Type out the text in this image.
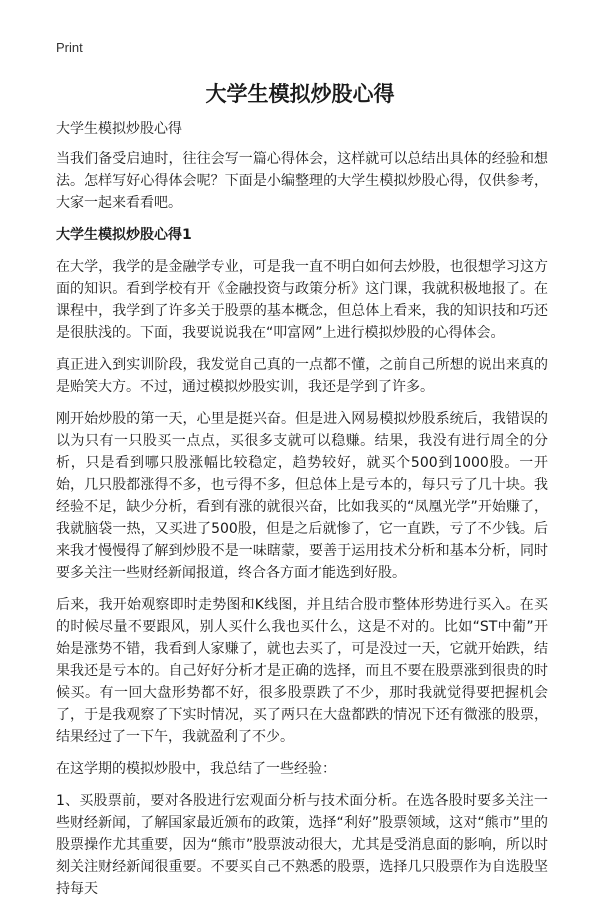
Print
大学生模拟炒股心得

大学生模拟炒股心得

当我们备受启迪时，往往会写一篇心得体会，这样就可以总结出具体的经验和想法。怎样写好心得体会呢？下面是小编整理的大学生模拟炒股心得，仅供参考，大家一起来看看吧。

大学生模拟炒股心得1

在大学，我学的是金融学专业，可是我一直不明白如何去炒股，也很想学习这方面的知识。看到学校有开《金融投资与政策分析》这门课，我就积极地报了。在课程中，我学到了许多关于股票的基本概念，但总体上看来，我的知识技和巧还是很肤浅的。下面，我要说说我在“叩富网”上进行模拟炒股的心得体会。

真正进入到实训阶段，我发觉自己真的一点都不懂，之前自己所想的说出来真的是贻笑大方。不过，通过模拟炒股实训，我还是学到了许多。

刚开始炒股的第一天，心里是挺兴奋。但是进入网易模拟炒股系统后，我错误的以为只有一只股买一点点，买很多支就可以稳赚。结果，我没有进行周全的分析，只是看到哪只股涨幅比较稳定，趋势较好，就买个500到1000股。一开始，几只股都涨得不多，也亏得不多，但总体上是亏本的，每只亏了几十块。我经验不足，缺少分析，看到有涨的就很兴奋，比如我买的“凤凰光学”开始赚了，我就脑袋一热，又买进了500股，但是之后就惨了，它一直跌，亏了不少钱。后来我才慢慢得了解到炒股不是一味瞎蒙，要善于运用技术分析和基本分析，同时要多关注一些财经新闻报道，终合各方面才能选到好股。

后来，我开始观察即时走势图和K线图，并且结合股市整体形势进行买入。在买的时候尽量不要跟风，别人买什么我也买什么，这是不对的。比如“ST中葡”开始是涨势不错，我看到人家赚了，就也去买了，可是没过一天，它就开始跌，结果我还是亏本的。自己好好分析才是正确的选择，而且不要在股票涨到很贵的时候买。有一回大盘形势都不好，很多股票跌了不少，那时我就觉得要把握机会了，于是我观察了下实时情况，买了两只在大盘都跌的情况下还有微涨的股票，结果经过了一下午，我就盈利了不少。

在这学期的模拟炒股中，我总结了一些经验：

1、买股票前，要对各股进行宏观面分析与技术面分析。在选各股时要多关注一些财经新闻，了解国家最近颁布的政策，选择“利好”股票领域，这对“熊市”里的股票操作尤其重要，因为“熊市”股票波动很大，尤其是受消息面的影响，所以时刻关注财经新闻很重要。不要买自己不熟悉的股票，选择几只股票作为自选股坚持每天
